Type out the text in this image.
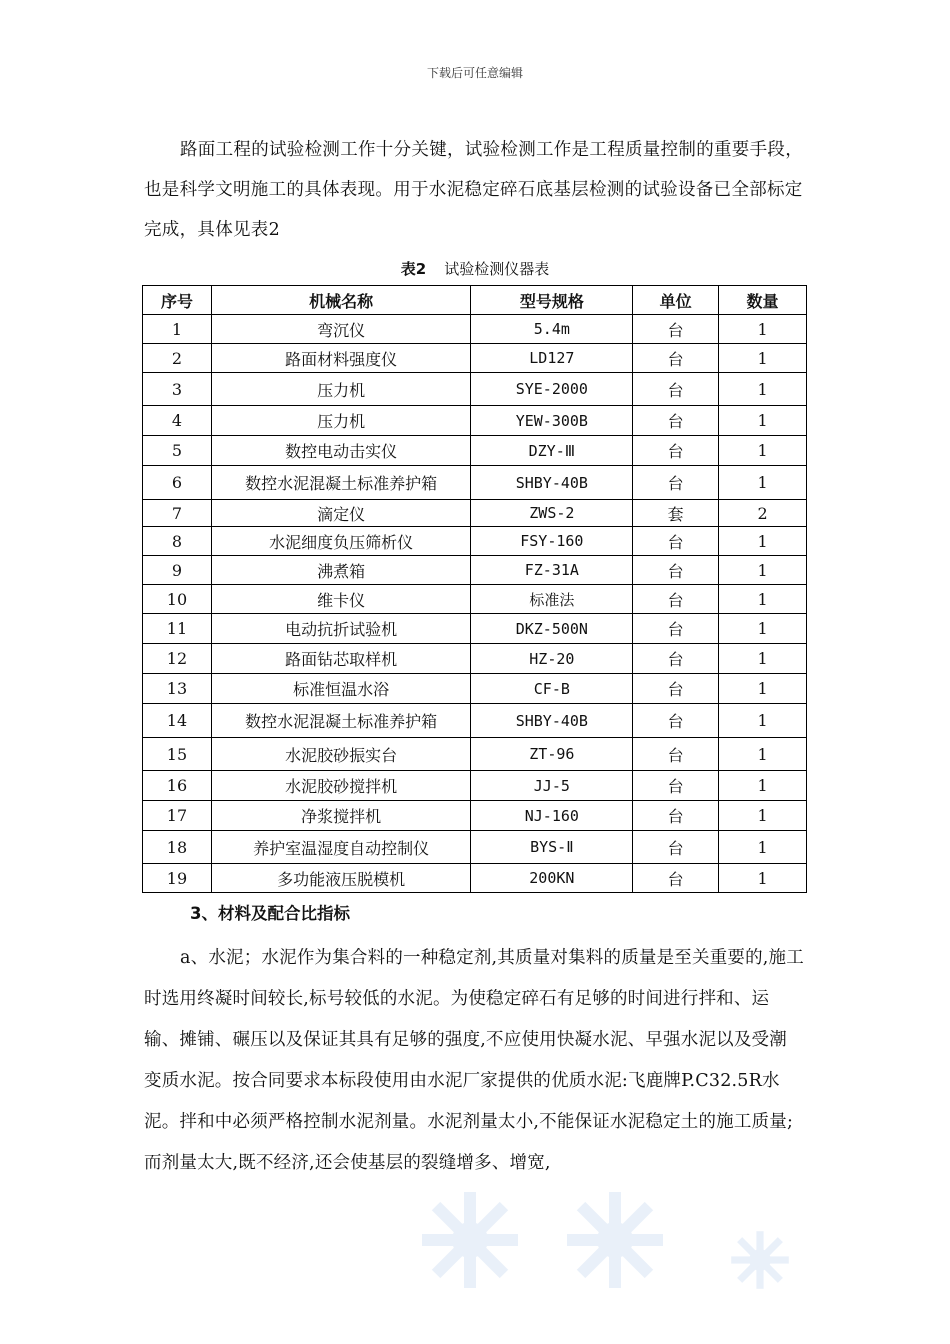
下载后可任意编辑
路面工程的试验检测工作十分关键，试验检测工作是工程质量控制的重要手段，也是科学文明施工的具体表现。用于水泥稳定碎石底基层检测的试验设备已全部标定完成，具体见表2
表2 试验检测仪器表
序号	机械名称	型号规格	单位	数量
1	弯沉仪	5.4m	台	1
2	路面材料强度仪	LD127	台	1
3	压力机	SYE-2000	台	1
4	压力机	YEW-300B	台	1
5	数控电动击实仪	DZY-Ⅲ	台	1
6	数控水泥混凝土标准养护箱	SHBY-40B	台	1
7	滴定仪	ZWS-2	套	2
8	水泥细度负压筛析仪	FSY-160	台	1
9	沸煮箱	FZ-31A	台	1
10	维卡仪	标准法	台	1
11	电动抗折试验机	DKZ-500N	台	1
12	路面钻芯取样机	HZ-20	台	1
13	标准恒温水浴	CF-B	台	1
14	数控水泥混凝土标准养护箱	SHBY-40B	台	1
15	水泥胶砂振实台	ZT-96	台	1
16	水泥胶砂搅拌机	JJ-5	台	1
17	净浆搅拌机	NJ-160	台	1
18	养护室温湿度自动控制仪	BYS-Ⅱ	台	1
19	多功能液压脱模机	200KN	台	1
3、材料及配合比指标
a、水泥；水泥作为集合料的一种稳定剂,其质量对集料的质量是至关重要的,施工时选用终凝时间较长,标号较低的水泥。为使稳定碎石有足够的时间进行拌和、运输、摊铺、碾压以及保证其具有足够的强度,不应使用快凝水泥、早强水泥以及受潮变质水泥。按合同要求本标段使用由水泥厂家提供的优质水泥:飞鹿牌P.C32.5R水泥。拌和中必须严格控制水泥剂量。水泥剂量太小,不能保证水泥稳定土的施工质量;而剂量太大,既不经济,还会使基层的裂缝增多、增宽,
